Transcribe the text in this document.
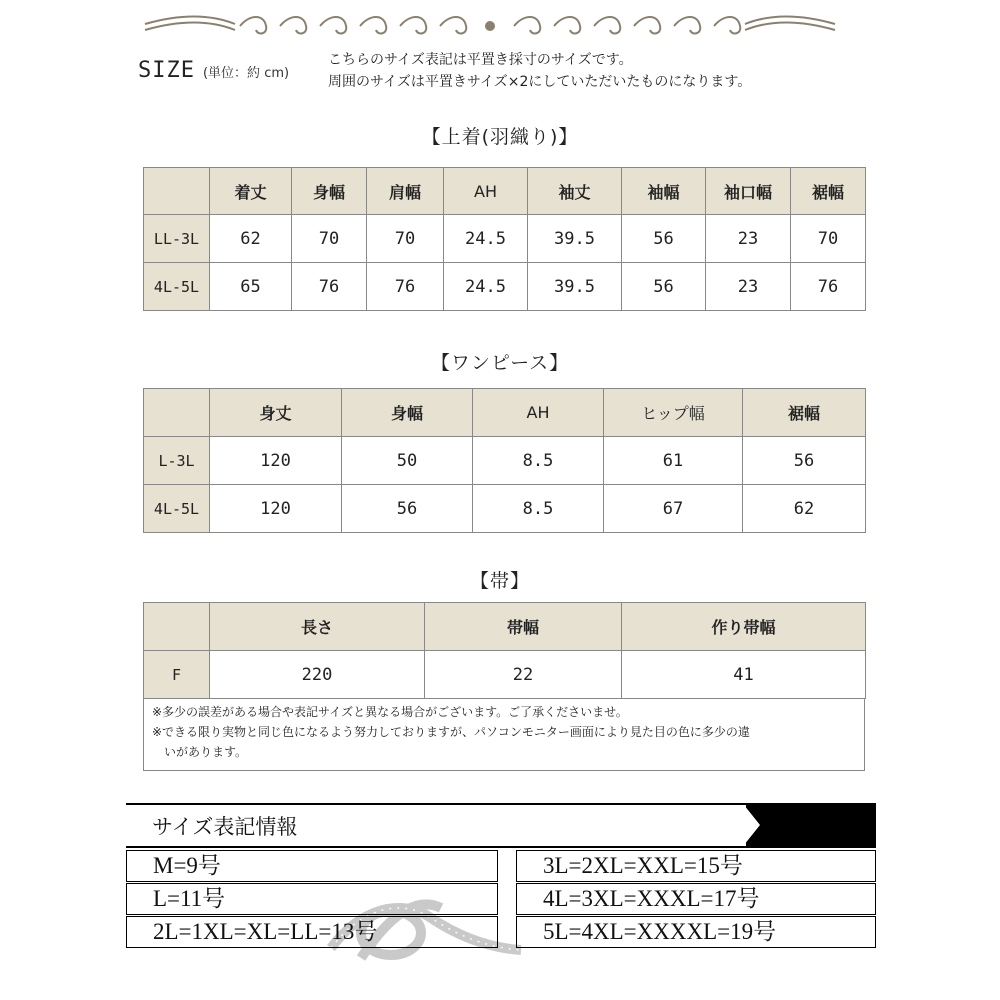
SIZE (単位：約 cm)
こちらのサイズ表記は平置き採寸のサイズです。
周囲のサイズは平置きサイズ×2にしていただいたものになります。
【上着(羽織り)】
	着丈	身幅	肩幅	AH	袖丈	袖幅	袖口幅	裾幅
LL-3L	62	70	70	24.5	39.5	56	23	70
4L-5L	65	76	76	24.5	39.5	56	23	76
【ワンピース】
	身丈	身幅	AH	ヒップ幅	裾幅
L-3L	120	50	8.5	61	56
4L-5L	120	56	8.5	67	62
【帯】
	長さ	帯幅	作り帯幅
F	220	22	41
※多少の誤差がある場合や表記サイズと異なる場合がございます。ご了承くださいませ。
※できる限り実物と同じ色になるよう努力しておりますが、パソコンモニター画面により見た目の色に多少の違
いがあります。
サイズ表記情報
M=9号
L=11号
2L=1XL=XL=LL=13号
3L=2XL=XXL=15号
4L=3XL=XXXL=17号
5L=4XL=XXXXL=19号
